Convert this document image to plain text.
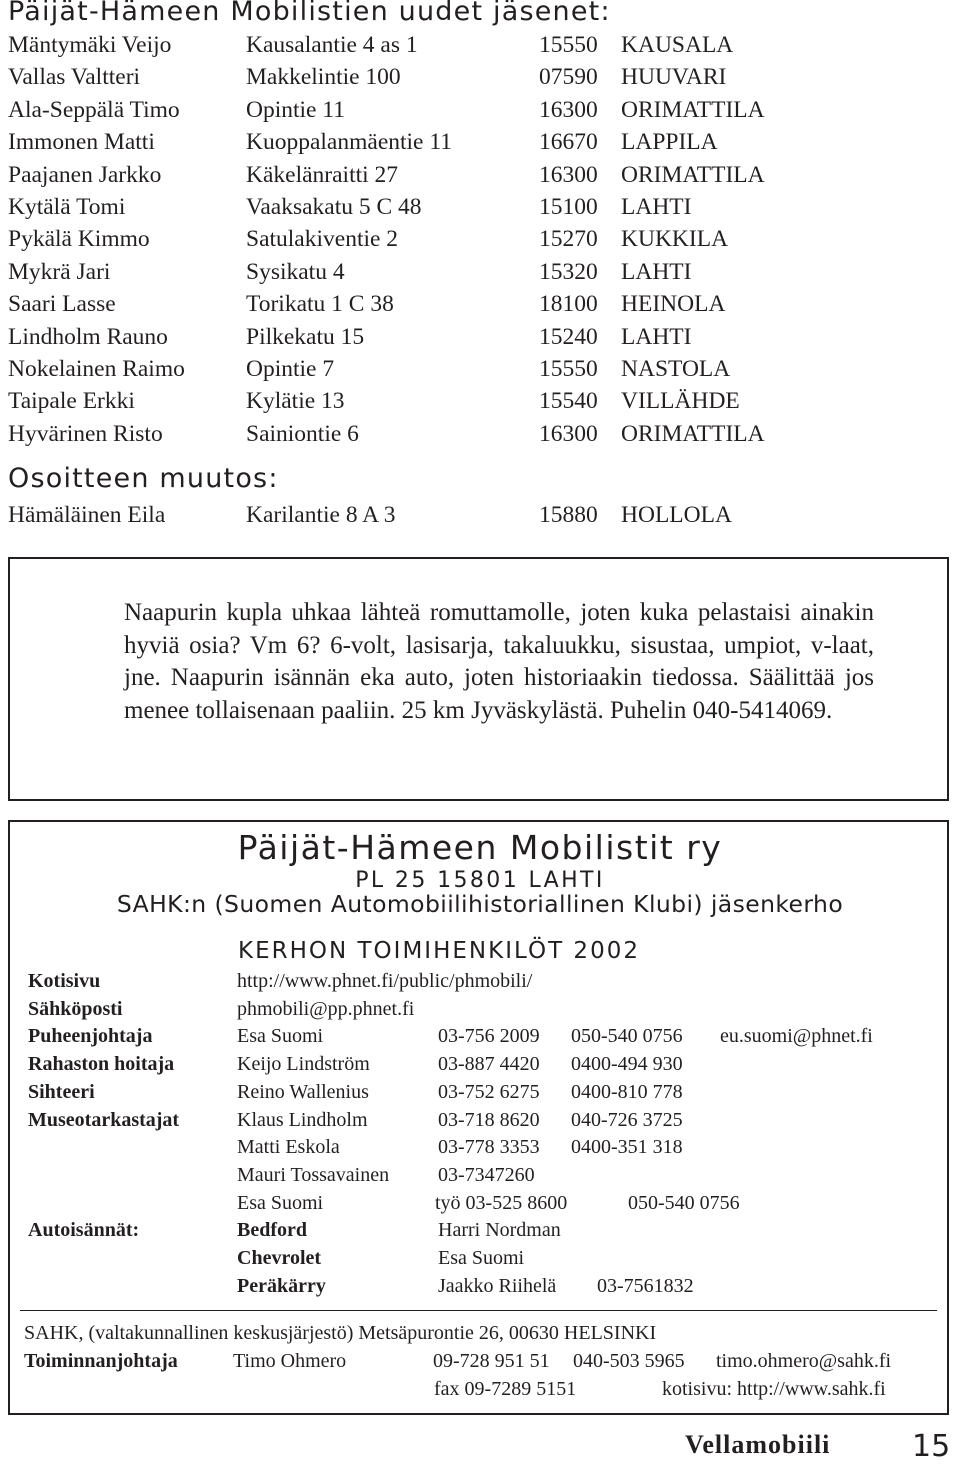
Päijät-Hämeen Mobilistien uudet jäsenet:
Mäntymäki Veijo	Kausalantie 4 as 1	15550 KAUSALA
Vallas Valtteri	Makkelintie 100	07590 HUUVARI
Ala-Seppälä Timo	Opintie 11	16300 ORIMATTILA
Immonen Matti	Kuoppalanmäentie 11	16670 LAPPILA
Paajanen Jarkko	Käkelänraitti 27	16300 ORIMATTILA
Kytälä Tomi	Vaaksakatu 5 C 48	15100 LAHTI
Pykälä Kimmo	Satulakiventie 2	15270 KUKKILA
Mykrä Jari	Sysikatu 4	15320 LAHTI
Saari Lasse	Torikatu 1 C 38	18100 HEINOLA
Lindholm Rauno	Pilkekatu 15	15240 LAHTI
Nokelainen Raimo	Opintie 7	15550 NASTOLA
Taipale Erkki	Kylätie 13	15540 VILLÄHDE
Hyvärinen Risto	Sainiontie 6	16300 ORIMATTILA
Osoitteen muutos:
Hämäläinen Eila	Karilantie 8 A 3	15880 HOLLOLA
Naapurin kupla uhkaa lähteä romuttamolle, joten kuka pelastaisi ainakin hyviä osia? Vm 6? 6-volt, lasisarja, takaluukku, sisustaa, umpiot, v-laat, jne. Naapurin isännän eka auto, joten historiaakin tiedossa. Säälittää jos menee tollaisenaan paaliin. 25 km Jyväskylästä. Puhelin 040-5414069.
Päijät-Hämeen Mobilistit ry
PL 25 15801 LAHTI
SAHK:n (Suomen Automobiilihistoriallinen Klubi) jäsenkerho
KERHON TOIMIHENKILÖT 2002
Kotisivu	http://www.phnet.fi/public/phmobili/
Sähköposti	phmobili@pp.phnet.fi
Puheenjohtaja	Esa Suomi	03-756 2009 050-540 0756 eu.suomi@phnet.fi
Rahaston hoitaja	Keijo Lindström	03-887 4420 0400-494 930
Sihteeri	Reino Wallenius	03-752 6275 0400-810 778
Museotarkastajat	Klaus Lindholm	03-718 8620 040-726 3725
Matti Eskola	03-778 3353 0400-351 318
Mauri Tossavainen 03-7347260
Esa Suomi	työ 03-525 8600	050-540 0756
Autoisännät:	Bedford	Harri Nordman
Chevrolet	Esa Suomi
Peräkärry	Jaakko Riihelä 03-7561832
SAHK, (valtakunnallinen keskusjärjestö) Metsäpurontie 26, 00630 HELSINKI
Toiminnanjohtaja	Timo Ohmero	09-728 951 51 040-503 5965 timo.ohmero@sahk.fi
fax 09-7289 5151	kotisivu: http://www.sahk.fi
Vellamobiili	15
